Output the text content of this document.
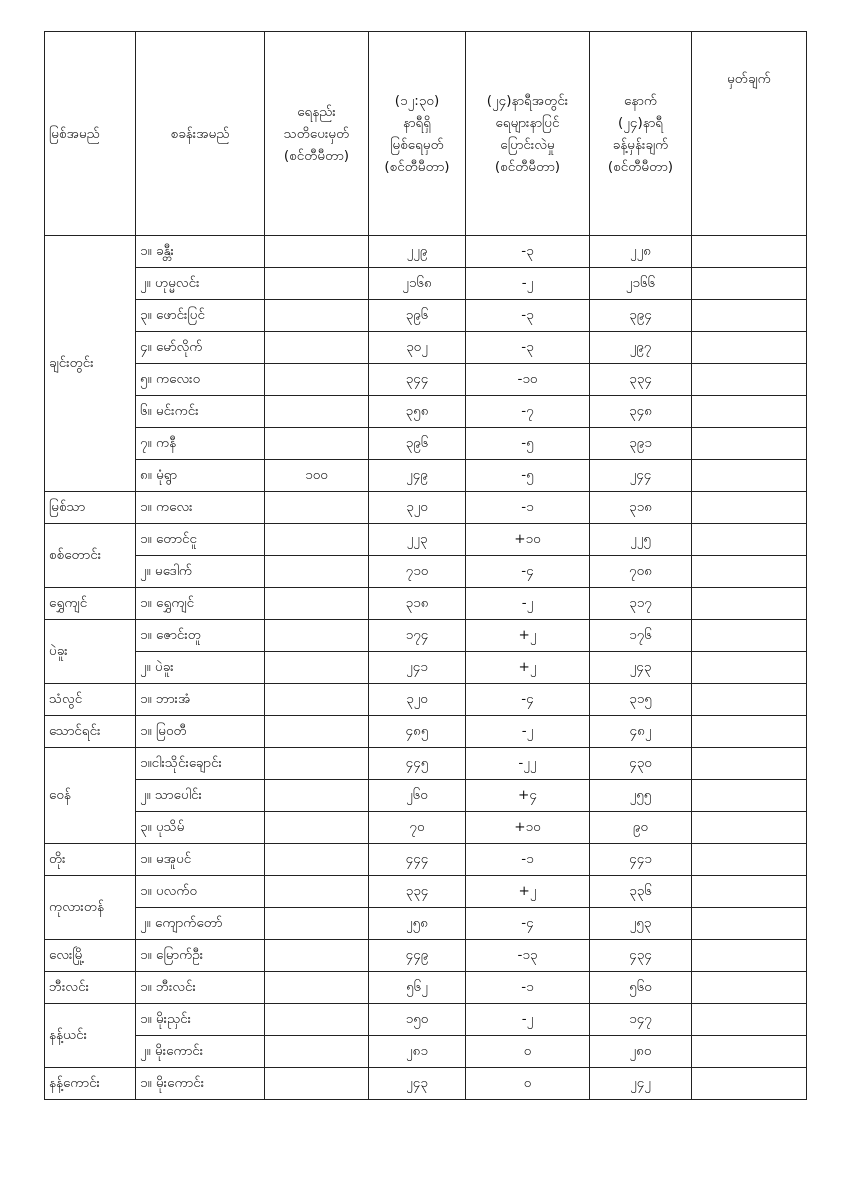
မြစ်အမည်	စခန်းအမည်	ရေနည်း
သတိပေးမှတ်
(စင်တီမီတာ)	(၁၂:၃၀)
နာရီရှိ
မြစ်ရေမှတ်
(စင်တီမီတာ)	(၂၄)နာရီအတွင်း
ရေများနာပြင်
ပြောင်းလဲမှု
(စင်တီမီတာ)	နောက်
(၂၄)နာရီ
ခန့်မှန်းချက်
(စင်တီမီတာ)	မှတ်ချက်
ချင်းတွင်း	၁။ ခန္တီး		၂၂၉	-၃	၂၂၈	
	၂။ ဟုမ္မလင်း		၂၁၆၈	-၂	၂၁၆၆	
	၃။ ဖောင်းပြင်		၃၉၆	-၃	၃၉၄	
	၄။ မော်လိုက်		၃၀၂	-၃	၂၉၇	
	၅။ ကလေးဝ		၃၄၄	-၁၀	၃၃၄	
	၆။ မင်းကင်း		၃၅၈	-၇	၃၄၈	
	၇။ ကနီ		၃၉၆	-၅	၃၉၁	
	၈။ မုံရွာ	၁၀၀	၂၄၉	-၅	၂၄၄	
မြစ်သာ	၁။ ကလေး		၃၂၀	-၁	၃၁၈	
စစ်တောင်း	၁။ တောင်ငူ		၂၂၃	+၁၀	၂၂၅	
	၂။ မဒေါက်		၇၁၀	-၄	၇၀၈	
ရွှေကျင်	၁။ ရွှေကျင်		၃၁၈	-၂	၃၁၇	
ပဲခူး	၁။ ဇောင်းတူ		၁၇၄	+၂	၁၇၆	
	၂။ ပဲခူး		၂၄၁	+၂	၂၄၃	
သံလွင်	၁။ ဘားအံ		၃၂၀	-၄	၃၁၅	
သောင်ရင်း	၁။ မြဝတီ		၄၈၅	-၂	၄၈၂	
ဝေန်	၁။ငါးသိုင်းချောင်း		၄၄၅	-၂၂	၄၃၀	
	၂။ သာပေါင်း		၂၆၀	+၄	၂၅၅	
	၃။ ပုသိမ်		၇၀	+၁၀	၉၀	
တိုး	၁။ မအူပင်		၄၄၄	-၁	၄၄၁	
ကုလားတန်	၁။ ပလက်ဝ		၃၃၄	+၂	၃၃၆	
	၂။ ကျောက်တော်		၂၅၈	-၄	၂၅၃	
လေးမြို့	၁။ မြောက်ဦး		၄၄၉	-၁၃	၄၃၄	
ဘီးလင်း	၁။ ဘီးလင်း		၅၆၂	-၁	၅၆၀	
နန့်ယင်း	၁။ မိုးညှင်း		၁၅၀	-၂	၁၄၇	
	၂။ မိုးကောင်း		၂၈၁	၀	၂၈၀	
နန့်ကောင်း	၁။ မိုးကောင်း		၂၄၃	၀	၂၄၂	
